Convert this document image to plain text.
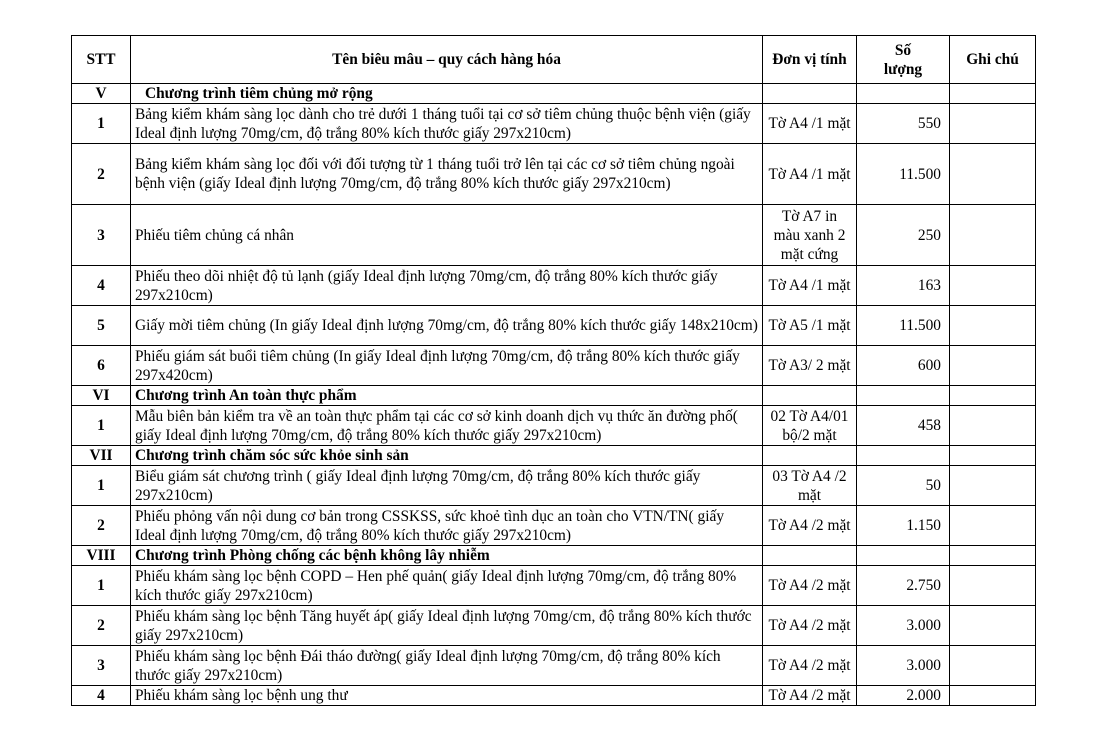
STT	Tên biêu mâu – quy cách hàng hóa	Đơn vị tính	Số lượng	Ghi chú
V	Chương trình tiêm chủng mở rộng			
1	Bảng kiểm khám sàng lọc dành cho trẻ dưới 1 tháng tuổi tại cơ sở tiêm chủng thuộc bệnh viện (giấy Ideal định lượng 70mg/cm, độ trắng 80% kích thước giấy 297x210cm)	Tờ A4 /1 mặt	550	
2	Bảng kiểm khám sàng lọc đối với đối tượng từ 1 tháng tuổi trở lên tại các cơ sở tiêm chủng ngoài bệnh viện (giấy Ideal định lượng 70mg/cm, độ trắng 80% kích thước giấy 297x210cm)	Tờ A4 /1 mặt	11.500	
3	Phiếu tiêm chủng cá nhân	Tờ A7 in màu xanh 2 mặt cứng	250	
4	Phiếu theo dõi nhiệt độ tủ lạnh (giấy Ideal định lượng 70mg/cm, độ trắng 80% kích thước giấy 297x210cm)	Tờ A4 /1 mặt	163	
5	Giấy mời tiêm chủng (In giấy Ideal định lượng 70mg/cm, độ trắng 80% kích thước giấy 148x210cm)	Tờ A5 /1 mặt	11.500	
6	Phiếu giám sát buổi tiêm chủng (In giấy Ideal định lượng 70mg/cm, độ trắng 80% kích thước giấy 297x420cm)	Tờ A3/ 2 mặt	600	
VI	Chương trình An toàn thực phẩm			
1	Mẫu biên bản kiểm tra về an toàn thực phẩm tại các cơ sở kinh doanh dịch vụ thức ăn đường phố( giấy Ideal định lượng 70mg/cm, độ trắng 80% kích thước giấy 297x210cm)	02 Tờ A4/01 bộ/2 mặt	458	
VII	Chương trình chăm sóc sức khỏe sinh sản			
1	Biểu giám sát chương trình ( giấy Ideal định lượng 70mg/cm, độ trắng 80% kích thước giấy 297x210cm)	03 Tờ A4 /2 mặt	50	
2	Phiếu phỏng vấn nội dung cơ bản trong CSSKSS, sức khoẻ tình dục an toàn cho VTN/TN( giấy Ideal định lượng 70mg/cm, độ trắng 80% kích thước giấy 297x210cm)	Tờ A4 /2 mặt	1.150	
VIII	Chương trình Phòng chống các bệnh không lây nhiễm			
1	Phiếu khám sàng lọc bệnh COPD – Hen phế quản( giấy Ideal định lượng 70mg/cm, độ trắng 80% kích thước giấy 297x210cm)	Tờ A4 /2 mặt	2.750	
2	Phiếu khám sàng lọc bệnh Tăng huyết áp( giấy Ideal định lượng 70mg/cm, độ trắng 80% kích thước giấy 297x210cm)	Tờ A4 /2 mặt	3.000	
3	Phiếu khám sàng lọc bệnh Đái tháo đường( giấy Ideal định lượng 70mg/cm, độ trắng 80% kích thước giấy 297x210cm)	Tờ A4 /2 mặt	3.000	
4	Phiếu khám sàng lọc bệnh ung thư	Tờ A4 /2 mặt	2.000	
